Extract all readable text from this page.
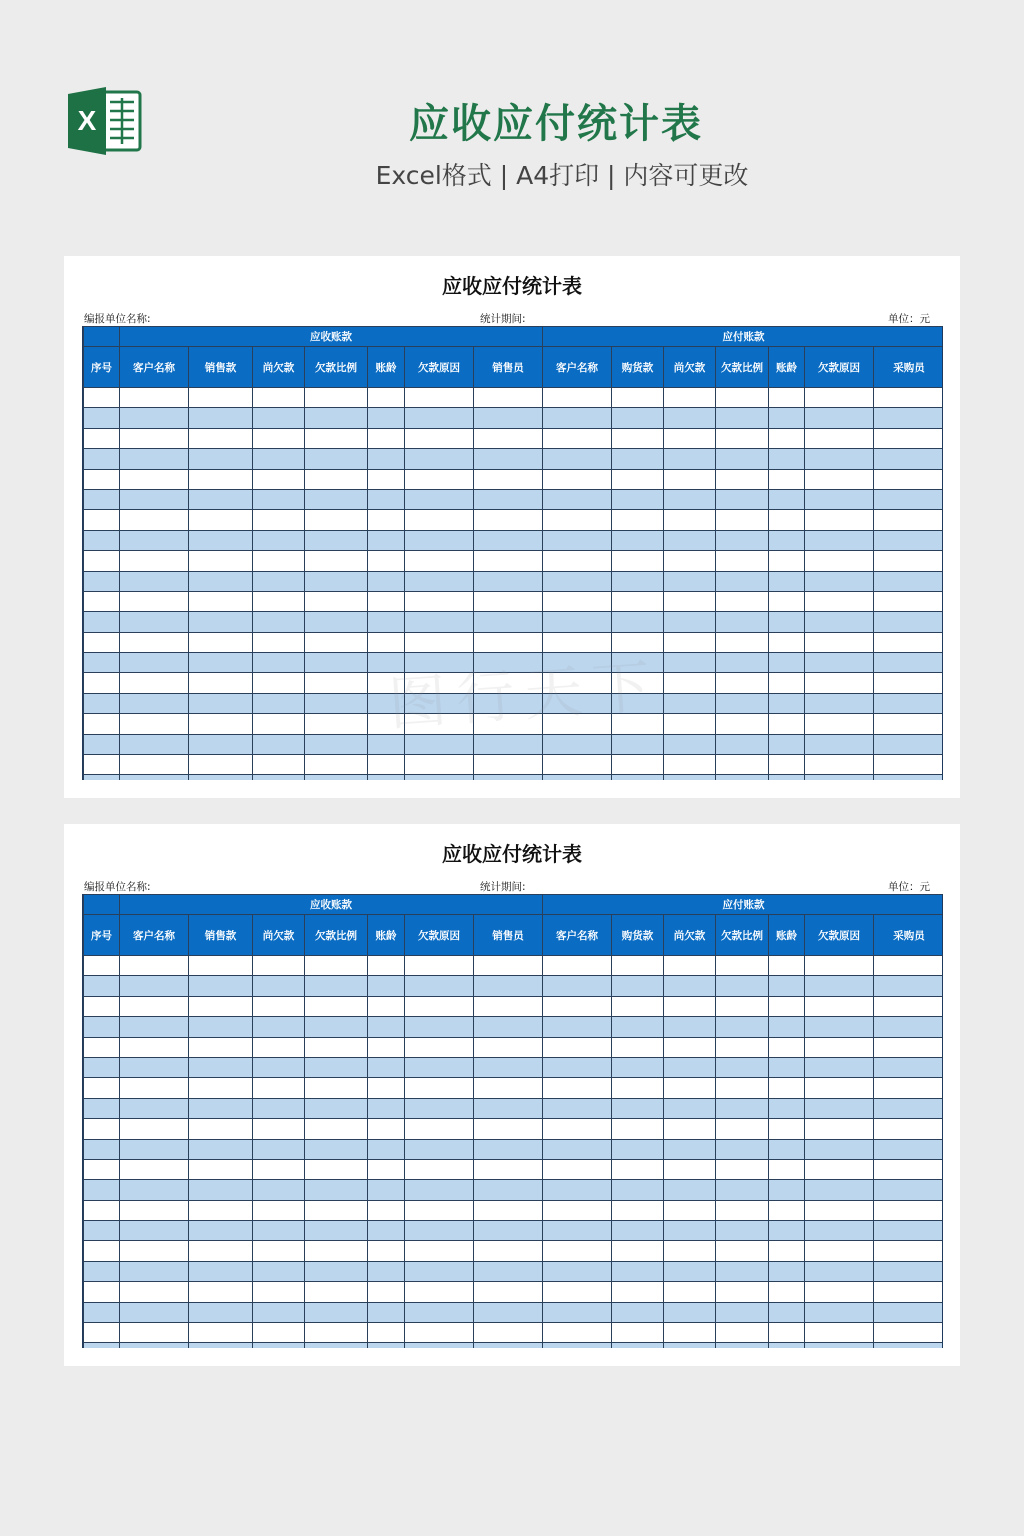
X	应收应付统计表
Excel格式 | A4打印 | 内容可更改
应收应付统计表
编报单位名称:	统计期间:	单位：元
	应收账款							应付账款						
序号	客户名称	销售款	尚欠款	欠款比例	账龄	欠款原因	销售员	客户名称	购货款	尚欠款	欠款比例	账龄	欠款原因	采购员

应收应付统计表
编报单位名称:	统计期间:	单位：元
	应收账款							应付账款						
序号	客户名称	销售款	尚欠款	欠款比例	账龄	欠款原因	销售员	客户名称	购货款	尚欠款	欠款比例	账龄	欠款原因	采购员
